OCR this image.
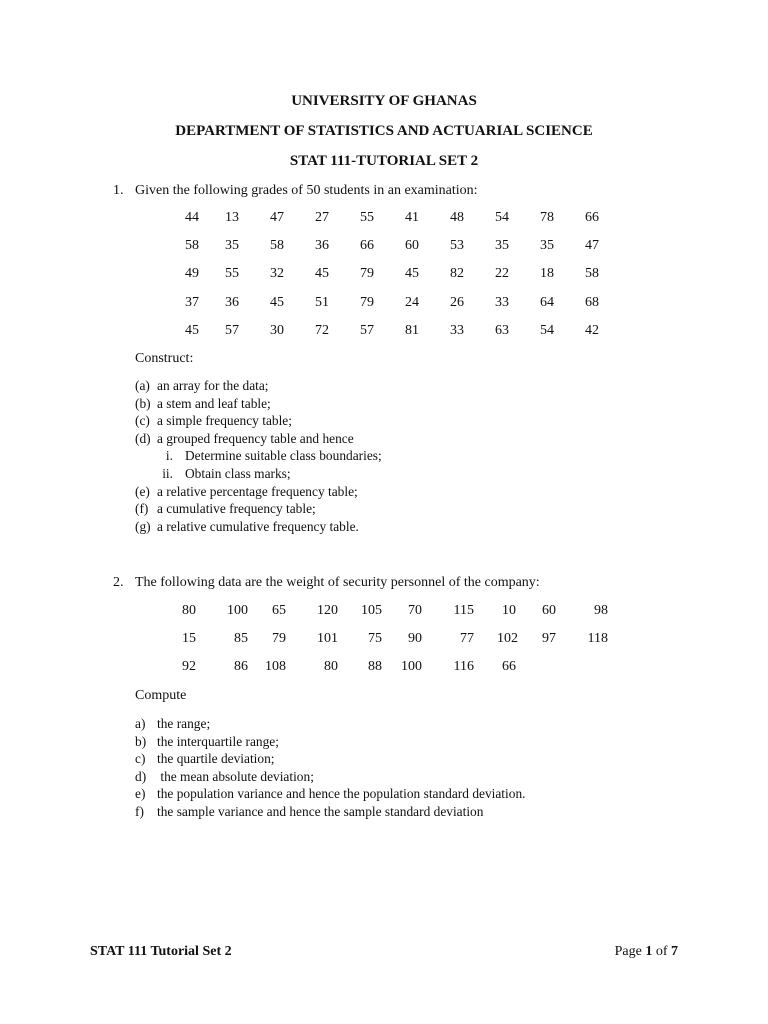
UNIVERSITY OF GHANAS
DEPARTMENT OF STATISTICS AND ACTUARIAL SCIENCE
STAT 111-TUTORIAL SET 2
1. Given the following grades of 50 students in an examination:
44	13	47	27	55	41	48	54	78	66
58	35	58	36	66	60	53	35	35	47
49	55	32	45	79	45	82	22	18	58
37	36	45	51	79	24	26	33	64	68
45	57	30	72	57	81	33	63	54	42
Construct:
(a) an array for the data;
(b) a stem and leaf table;
(c) a simple frequency table;
(d) a grouped frequency table and hence
i. Determine suitable class boundaries;
ii. Obtain class marks;
(e) a relative percentage frequency table;
(f) a cumulative frequency table;
(g) a relative cumulative frequency table.
2. The following data are the weight of security personnel of the company:
80	100	65	120	105	70	115	10	60	98
15	85	79	101	75	90	77	102	97	118
92	86	108	80	88	100	116	66
Compute
a) the range;
b) the interquartile range;
c) the quartile deviation;
d) the mean absolute deviation;
e) the population variance and hence the population standard deviation.
f) the sample variance and hence the sample standard deviation
STAT 111 Tutorial Set 2	Page 1 of 7
